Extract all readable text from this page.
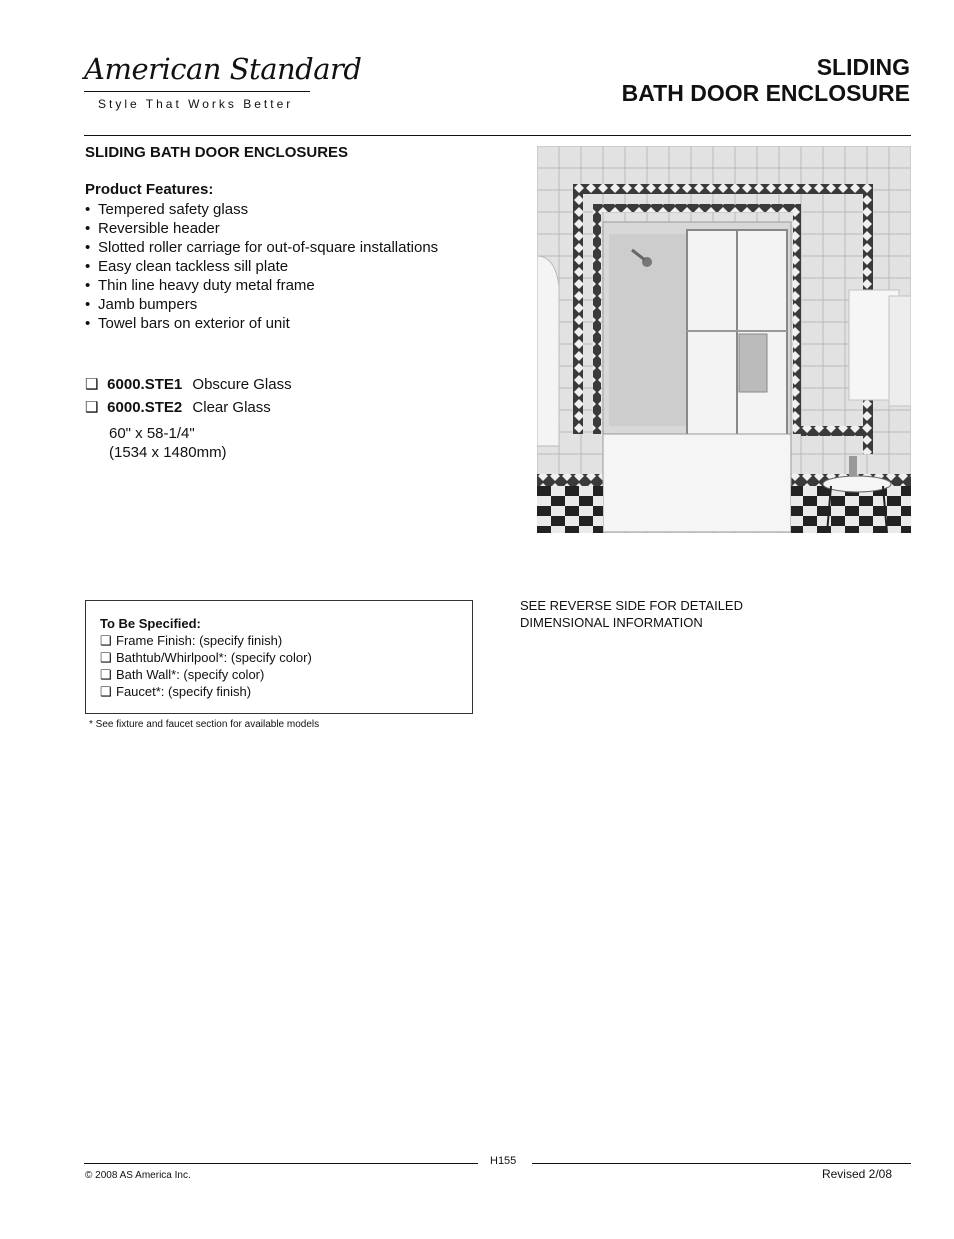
American Standard
Style That Works Better
SLIDING
BATH DOOR ENCLOSURE
SLIDING BATH DOOR ENCLOSURES
Product Features:
• Tempered safety glass
• Reversible header
• Slotted roller carriage for out-of-square installations
• Easy clean tackless sill plate
• Thin line heavy duty metal frame
• Jamb bumpers
• Towel bars on exterior of unit
❑ 6000.STE1 Obscure Glass
❑ 6000.STE2 Clear Glass
60" x 58-1/4"
(1534 x 1480mm)
To Be Specified:
❑ Frame Finish: (specify finish)
❑ Bathtub/Whirlpool*: (specify color)
❑ Bath Wall*: (specify color)
❑ Faucet*: (specify finish)
* See fixture and faucet section for available models
SEE REVERSE SIDE FOR DETAILED
DIMENSIONAL INFORMATION
H155
© 2008 AS America Inc.	Revised 2/08
